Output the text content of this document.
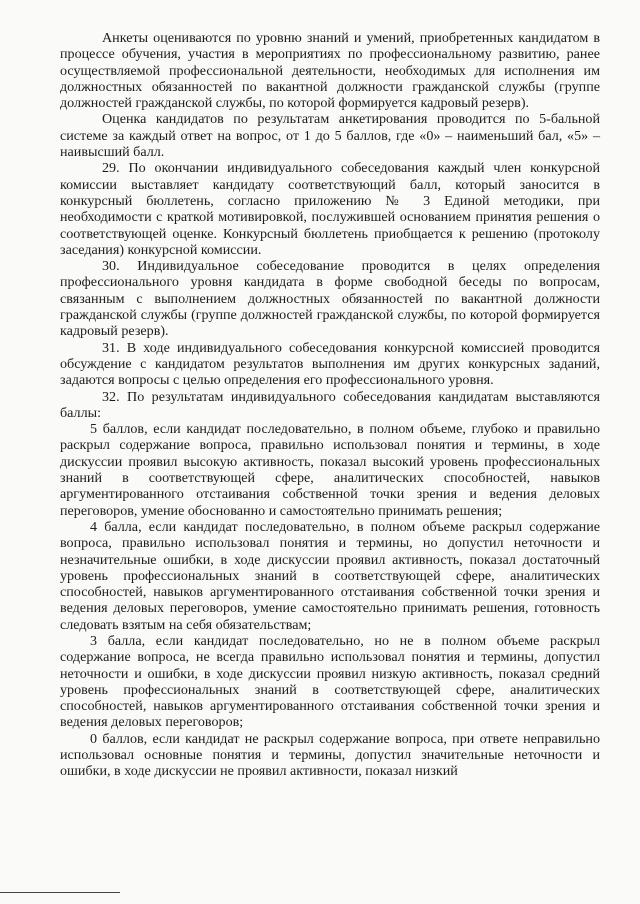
Анкеты оцениваются по уровню знаний и умений, приобретенных кандидатом в процессе обучения, участия в мероприятиях по профессиональному развитию, ранее осуществляемой профессиональной деятельности, необходимых для исполнения им должностных обязанностей по вакантной должности гражданской службы (группе должностей гражданской службы, по которой формируется кадровый резерв).

Оценка кандидатов по результатам анкетирования проводится по 5-бальной системе за каждый ответ на вопрос, от 1 до 5 баллов, где «0» – наименьший бал, «5» – наивысший балл.

29. По окончании индивидуального собеседования каждый член конкурсной комиссии выставляет кандидату соответствующий балл, который заносится в конкурсный бюллетень, согласно приложению № 3 Единой методики, при необходимости с краткой мотивировкой, послужившей основанием принятия решения о соответствующей оценке. Конкурсный бюллетень приобщается к решению (протоколу заседания) конкурсной комиссии.

30. Индивидуальное собеседование проводится в целях определения профессионального уровня кандидата в форме свободной беседы по вопросам, связанным с выполнением должностных обязанностей по вакантной должности гражданской службы (группе должностей гражданской службы, по которой формируется кадровый резерв).

31. В ходе индивидуального собеседования конкурсной комиссией проводится обсуждение с кандидатом результатов выполнения им других конкурсных заданий, задаются вопросы с целью определения его профессионального уровня.

32. По результатам индивидуального собеседования кандидатам выставляются баллы:

5 баллов, если кандидат последовательно, в полном объеме, глубоко и правильно раскрыл содержание вопроса, правильно использовал понятия и термины, в ходе дискуссии проявил высокую активность, показал высокий уровень профессиональных знаний в соответствующей сфере, аналитических способностей, навыков аргументированного отстаивания собственной точки зрения и ведения деловых переговоров, умение обоснованно и самостоятельно принимать решения;

4 балла, если кандидат последовательно, в полном объеме раскрыл содержание вопроса, правильно использовал понятия и термины, но допустил неточности и незначительные ошибки, в ходе дискуссии проявил активность, показал достаточный уровень профессиональных знаний в соответствующей сфере, аналитических способностей, навыков аргументированного отстаивания собственной точки зрения и ведения деловых переговоров, умение самостоятельно принимать решения, готовность следовать взятым на себя обязательствам;

3 балла, если кандидат последовательно, но не в полном объеме раскрыл содержание вопроса, не всегда правильно использовал понятия и термины, допустил неточности и ошибки, в ходе дискуссии проявил низкую активность, показал средний уровень профессиональных знаний в соответствующей сфере, аналитических способностей, навыков аргументированного отстаивания собственной точки зрения и ведения деловых переговоров;

0 баллов, если кандидат не раскрыл содержание вопроса, при ответе неправильно использовал основные понятия и термины, допустил значительные неточности и ошибки, в ходе дискуссии не проявил активности, показал низкий
